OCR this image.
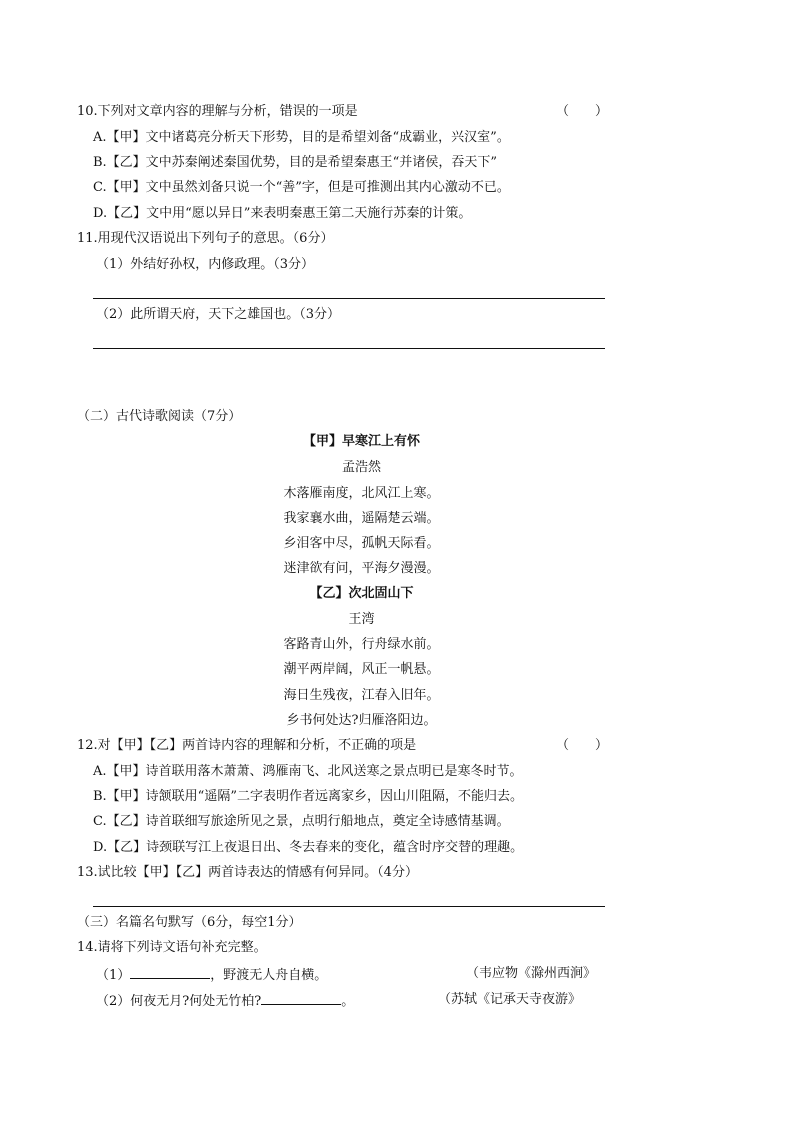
10.下列对文章内容的理解与分析，错误的一项是	（　　）
A.【甲】文中诸葛亮分析天下形势，目的是希望刘备“成霸业，兴汉室”。
B.【乙】文中苏秦阐述秦国优势，目的是希望秦惠王“并诸侯，吞天下”
C.【甲】文中虽然刘备只说一个“善”字，但是可推测出其内心激动不已。
D.【乙】文中用“愿以异日”来表明秦惠王第二天施行苏秦的计策。
11.用现代汉语说出下列句子的意思。（6分）
（1）外结好孙权，内修政理。（3分）
（2）此所谓天府，天下之雄国也。（3分）
（二）古代诗歌阅读（7分）
【甲】早寒江上有怀
孟浩然
木落雁南度，北风江上寒。
我家襄水曲，遥隔楚云端。
乡泪客中尽，孤帆天际看。
迷津欲有问，平海夕漫漫。
【乙】次北固山下
王湾
客路青山外，行舟绿水前。
潮平两岸阔，风正一帆悬。
海日生残夜，江春入旧年。
乡书何处达?归雁洛阳边。
12.对【甲】【乙】两首诗内容的理解和分析，不正确的项是	（　　）
A.【甲】诗首联用落木萧萧、鸿雁南飞、北风送寒之景点明已是寒冬时节。
B.【甲】诗颔联用“遥隔”二字表明作者远离家乡，因山川阻隔，不能归去。
C.【乙】诗首联细写旅途所见之景，点明行船地点，奠定全诗感情基调。
D.【乙】诗颈联写江上夜退日出、冬去春来的变化，蕴含时序交替的理趣。
13.试比较【甲】【乙】两首诗表达的情感有何异同。（4分）
（三）名篇名句默写（6分，每空1分）
14.请将下列诗文语句补充完整。
（1）	，野渡无人舟自横。	（韦应物《滁州西涧》
（2）何夜无月?何处无竹柏?	。	（苏轼《记承天寺夜游》
